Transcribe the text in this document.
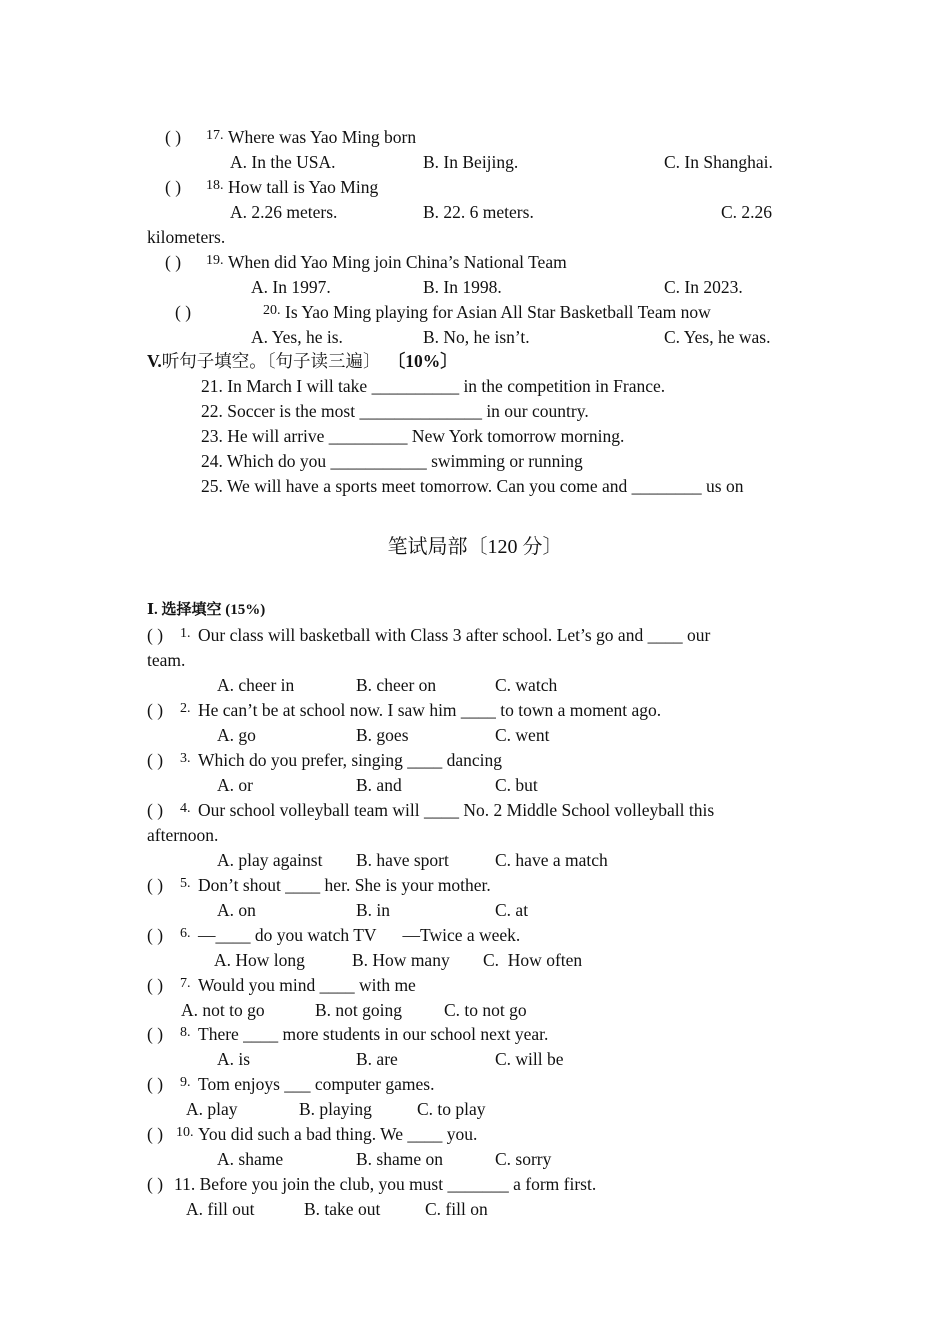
( ) 17. Where was Yao Ming born
A. In the USA.	B. In Beijing.	C. In Shanghai.
( ) 18. How tall is Yao Ming
A. 2.26 meters.	B. 22. 6 meters.	C. 2.26
kilometers.
( ) 19. When did Yao Ming join China’s National Team
A. In 1997.	B. In 1998.	C. In 2023.
( )	20. Is Yao Ming playing for Asian All Star Basketball Team now
A. Yes, he is.	B. No, he isn’t.	C. Yes, he was.
V.听句子填空。〔句子读三遍〕 〔10%〕
21. In March I will take __________ in the competition in France.
22. Soccer is the most ______________ in our country.
23. He will arrive _________ New York tomorrow morning.
24. Which do you ___________ swimming or running
25. We will have a sports meet tomorrow. Can you come and ________ us on
笔试局部〔120 分〕
Ⅰ. 选择填空 (15%)
( ) 1. Our class will basketball with Class 3 after school. Let’s go and ____ our
team.
A. cheer in	B. cheer on	C. watch
( ) 2. He can’t be at school now. I saw him ____ to town a moment ago.
A. go	B. goes	C. went
( ) 3. Which do you prefer, singing ____ dancing
A. or	B. and	C. but
( ) 4. Our school volleyball team will ____ No. 2 Middle School volleyball this
afternoon.
A. play against B. have sport	C. have a match
( ) 5. Don’t shout ____ her. She is your mother.
A. on	B. in	C. at
( ) 6. —____ do you watch TV      —Twice a week.
A. How long	B. How many C.  How often
( ) 7. Would you mind ____ with me
A. not to go	B. not going C. to not go
( ) 8. There ____ more students in our school next year.
A. is	B. are	C. will be
( ) 9. Tom enjoys ___ computer games.
A. play	B. playing	C. to play
( ) 10. You did such a bad thing. We ____ you.
A. shame	B. shame on	C. sorry
( ) 11. Before you join the club, you must _______ a form first.
A. fill out	B. take out	C. fill on
